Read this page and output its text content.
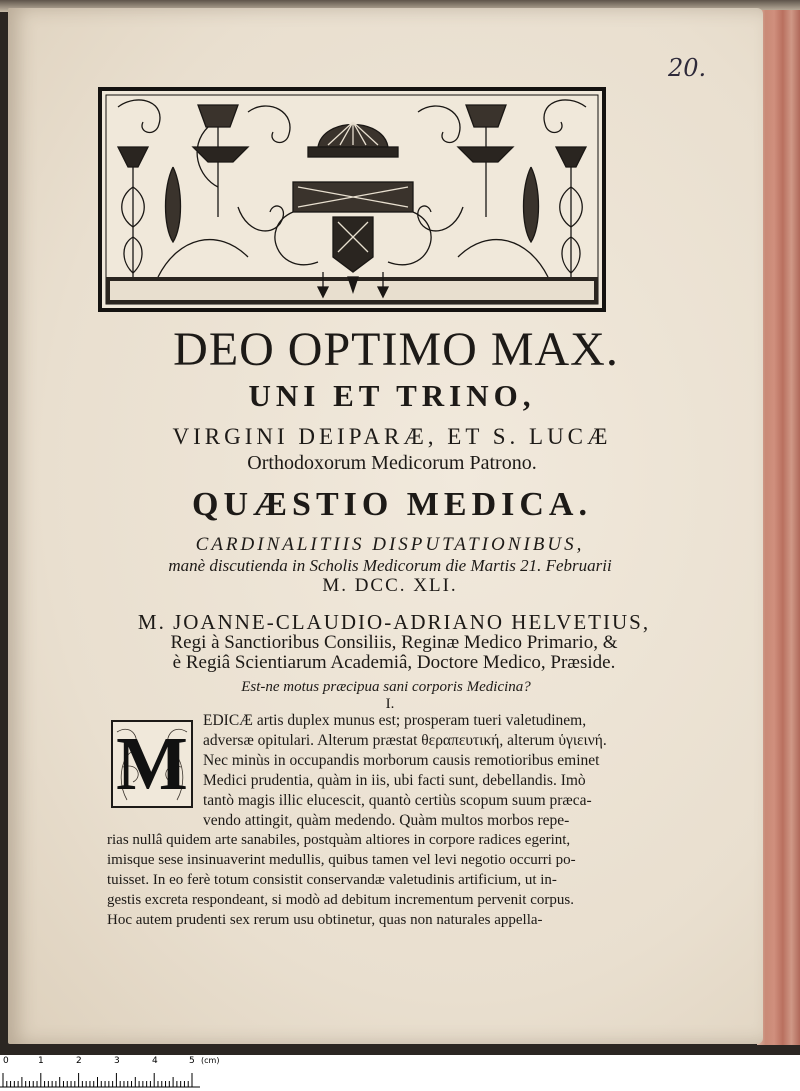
20.
DEO OPTIMO MAX.
UNI ET TRINO,
VIRGINI DEIPARÆ, ET S. LUCÆ
Orthodoxorum Medicorum Patrono.
QUÆSTIO MEDICA.
CARDINALITIIS DISPUTATIONIBUS,
manè discutienda in Scholis Medicorum die Martis 21. Februarii
M. DCC. XLI.
M. JOANNE-CLAUDIO-ADRIANO HELVETIUS,
Regi à Sanctioribus Consiliis, Reginæ Medico Primario, &
è Regiâ Scientiarum Academiâ, Doctore Medico, Præside.
Est-ne motus præcipua sani corporis Medicina?
I.
M
EDICÆ artis duplex munus est; prosperam tueri valetudinem,
adversæ opitulari. Alterum præstat θεραπευτική, alterum ὑγιεινή.
Nec minùs in occupandis morborum causis remotioribus eminet
Medici prudentia, quàm in iis, ubi facti sunt, debellandis. Imò
tantò magis illic elucescit, quantò certiùs scopum suum præca-
vendo attingit, quàm medendo. Quàm multos morbos repe-
rias nullâ quidem arte sanabiles, postquàm altiores in corpore radices egerint,
imisque sese insinuaverint medullis, quibus tamen vel levi negotio occurri po-
tuisset. In eo ferè totum consistit conservandæ valetudinis artificium, ut in-
gestis excreta respondeant, si modò ad debitum incrementum pervenit corpus.
Hoc autem prudenti sex rerum usu obtinetur, quas non naturales appella-
0	1	2	3	4	5 (cm)
